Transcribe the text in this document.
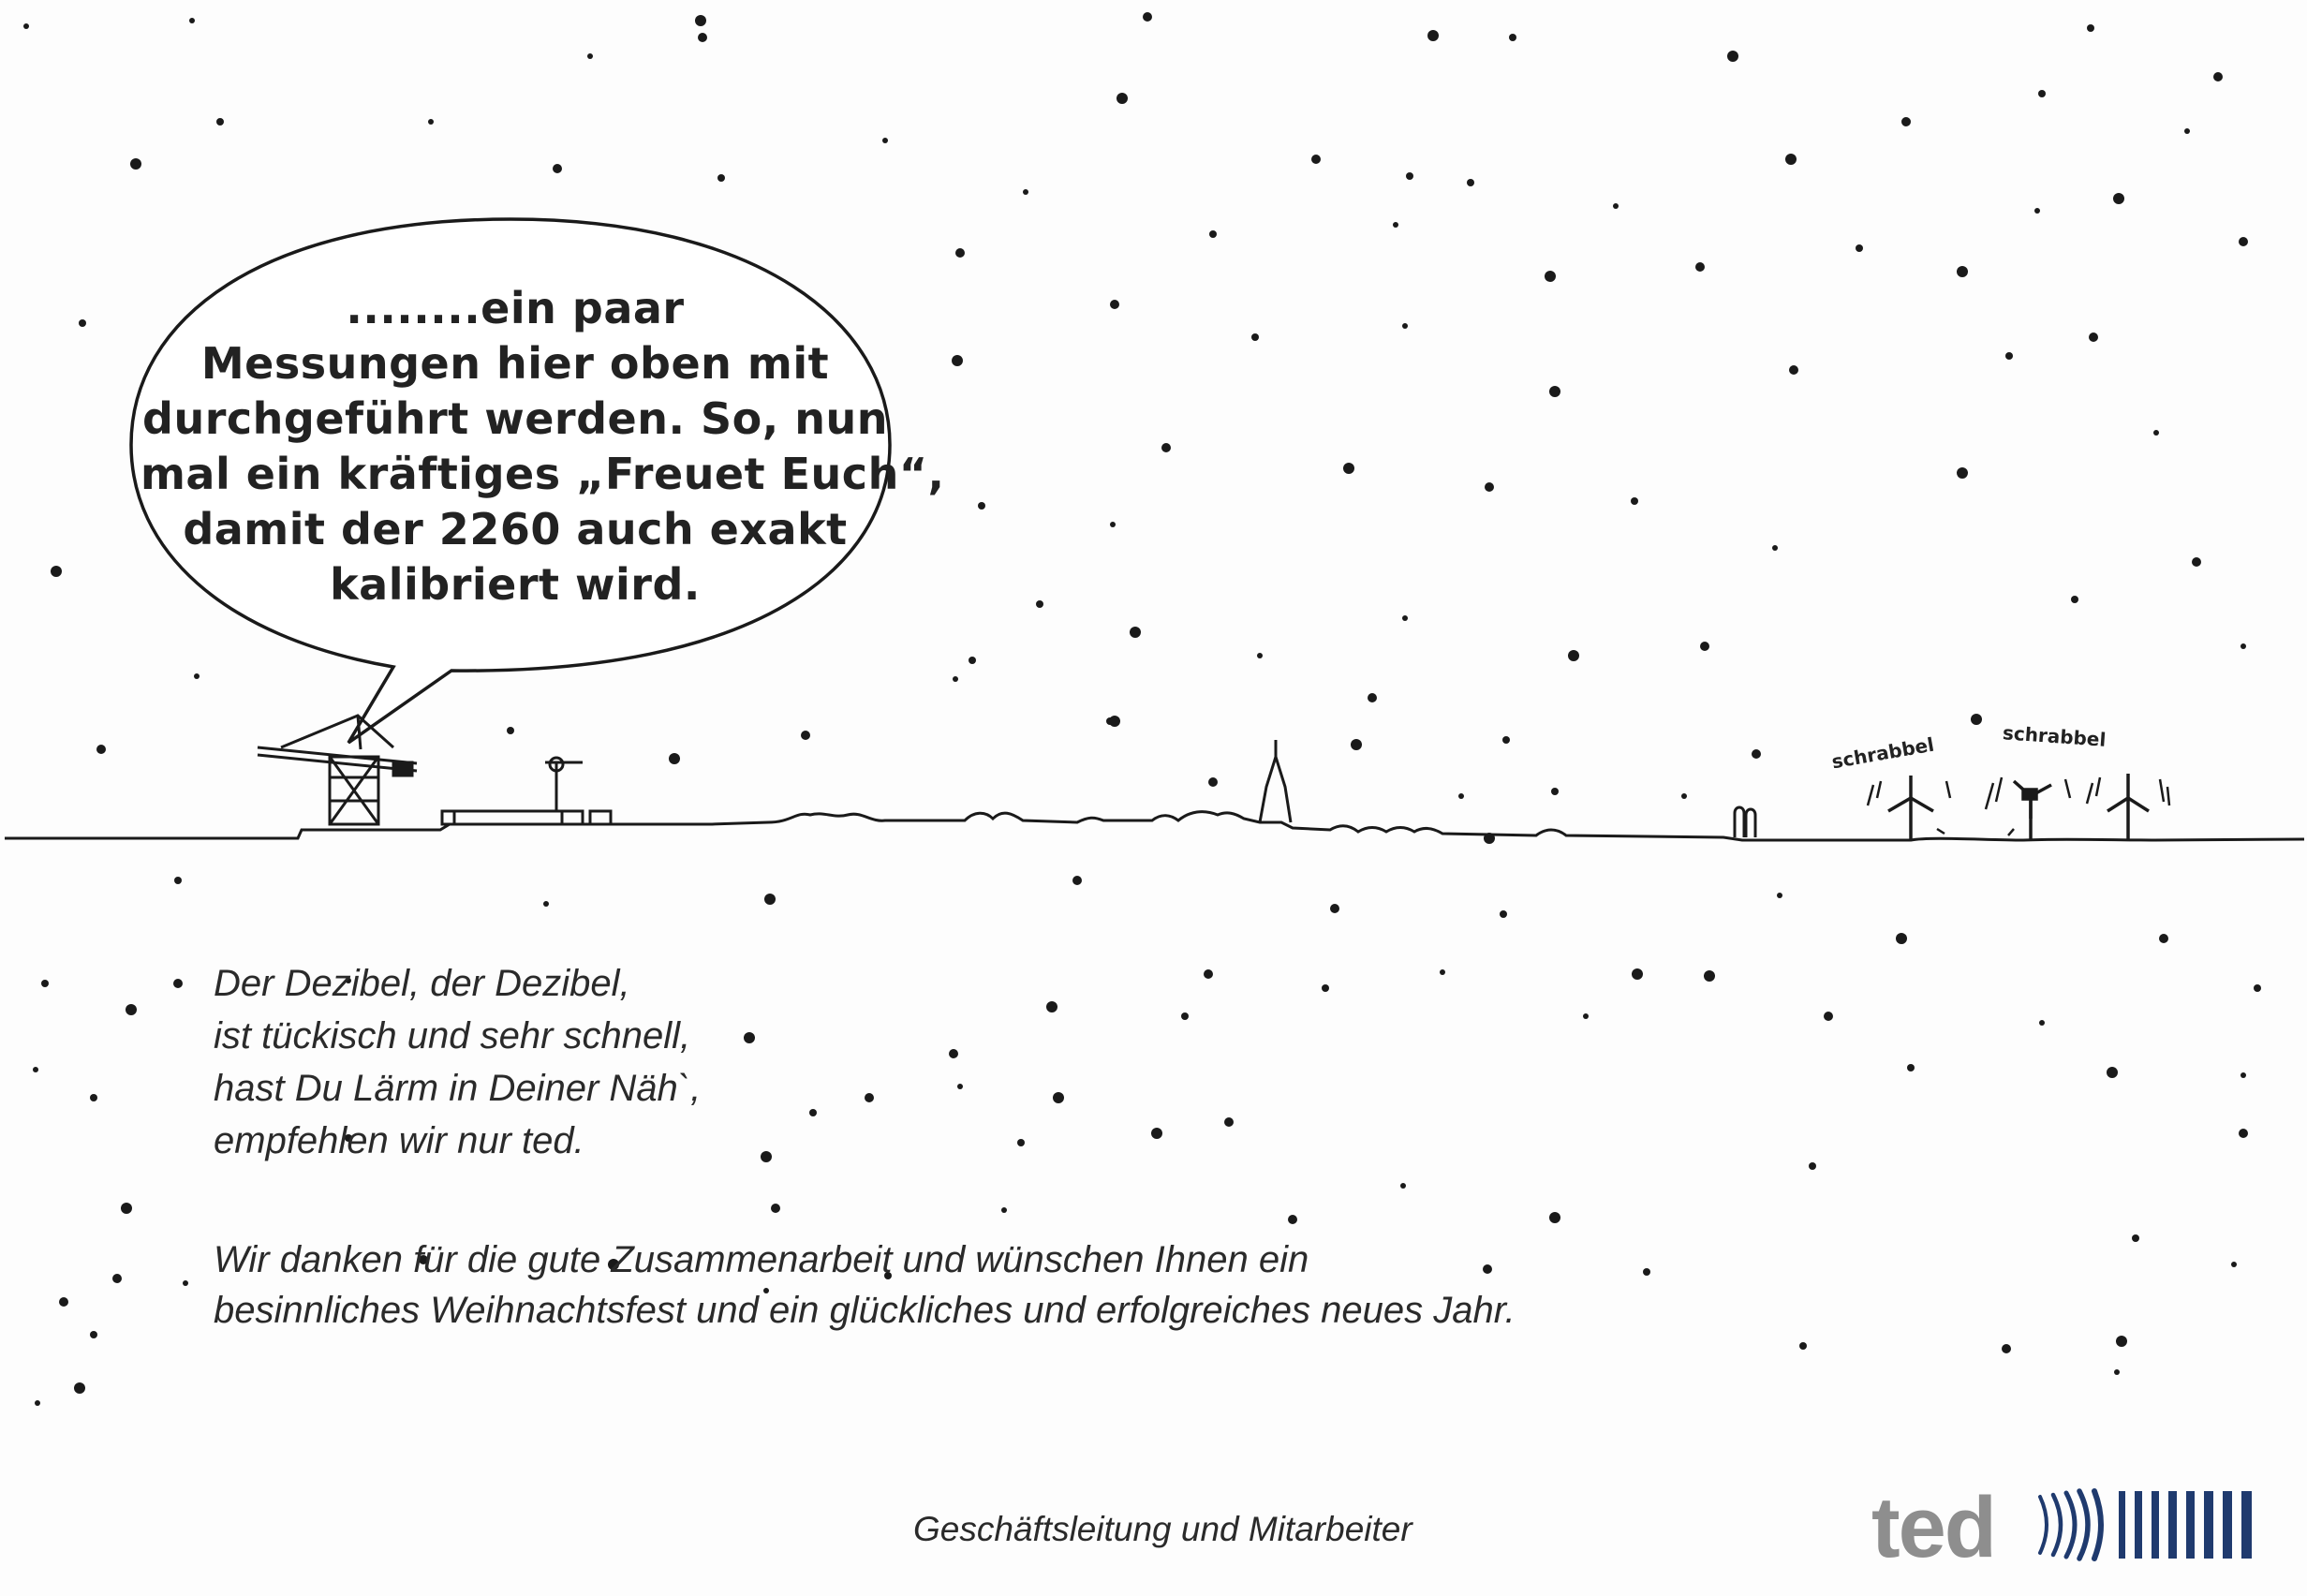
........ein paar
Messungen hier oben mit
durchgeführt werden. So, nun
mal ein kräftiges „Freuet Euch“,
damit der 2260 auch exakt
kalibriert wird.
schrabbel	schrabbel
Der Dezibel, der Dezibel,
ist tückisch und sehr schnell,
hast Du Lärm in Deiner Näh`,
empfehlen wir nur ted.
Wir danken für die gute Zusammenarbeit und wünschen Ihnen ein
besinnliches Weihnachtsfest und ein glückliches und erfolgreiches neues Jahr.
Geschäftsleitung und Mitarbeiter	ted
